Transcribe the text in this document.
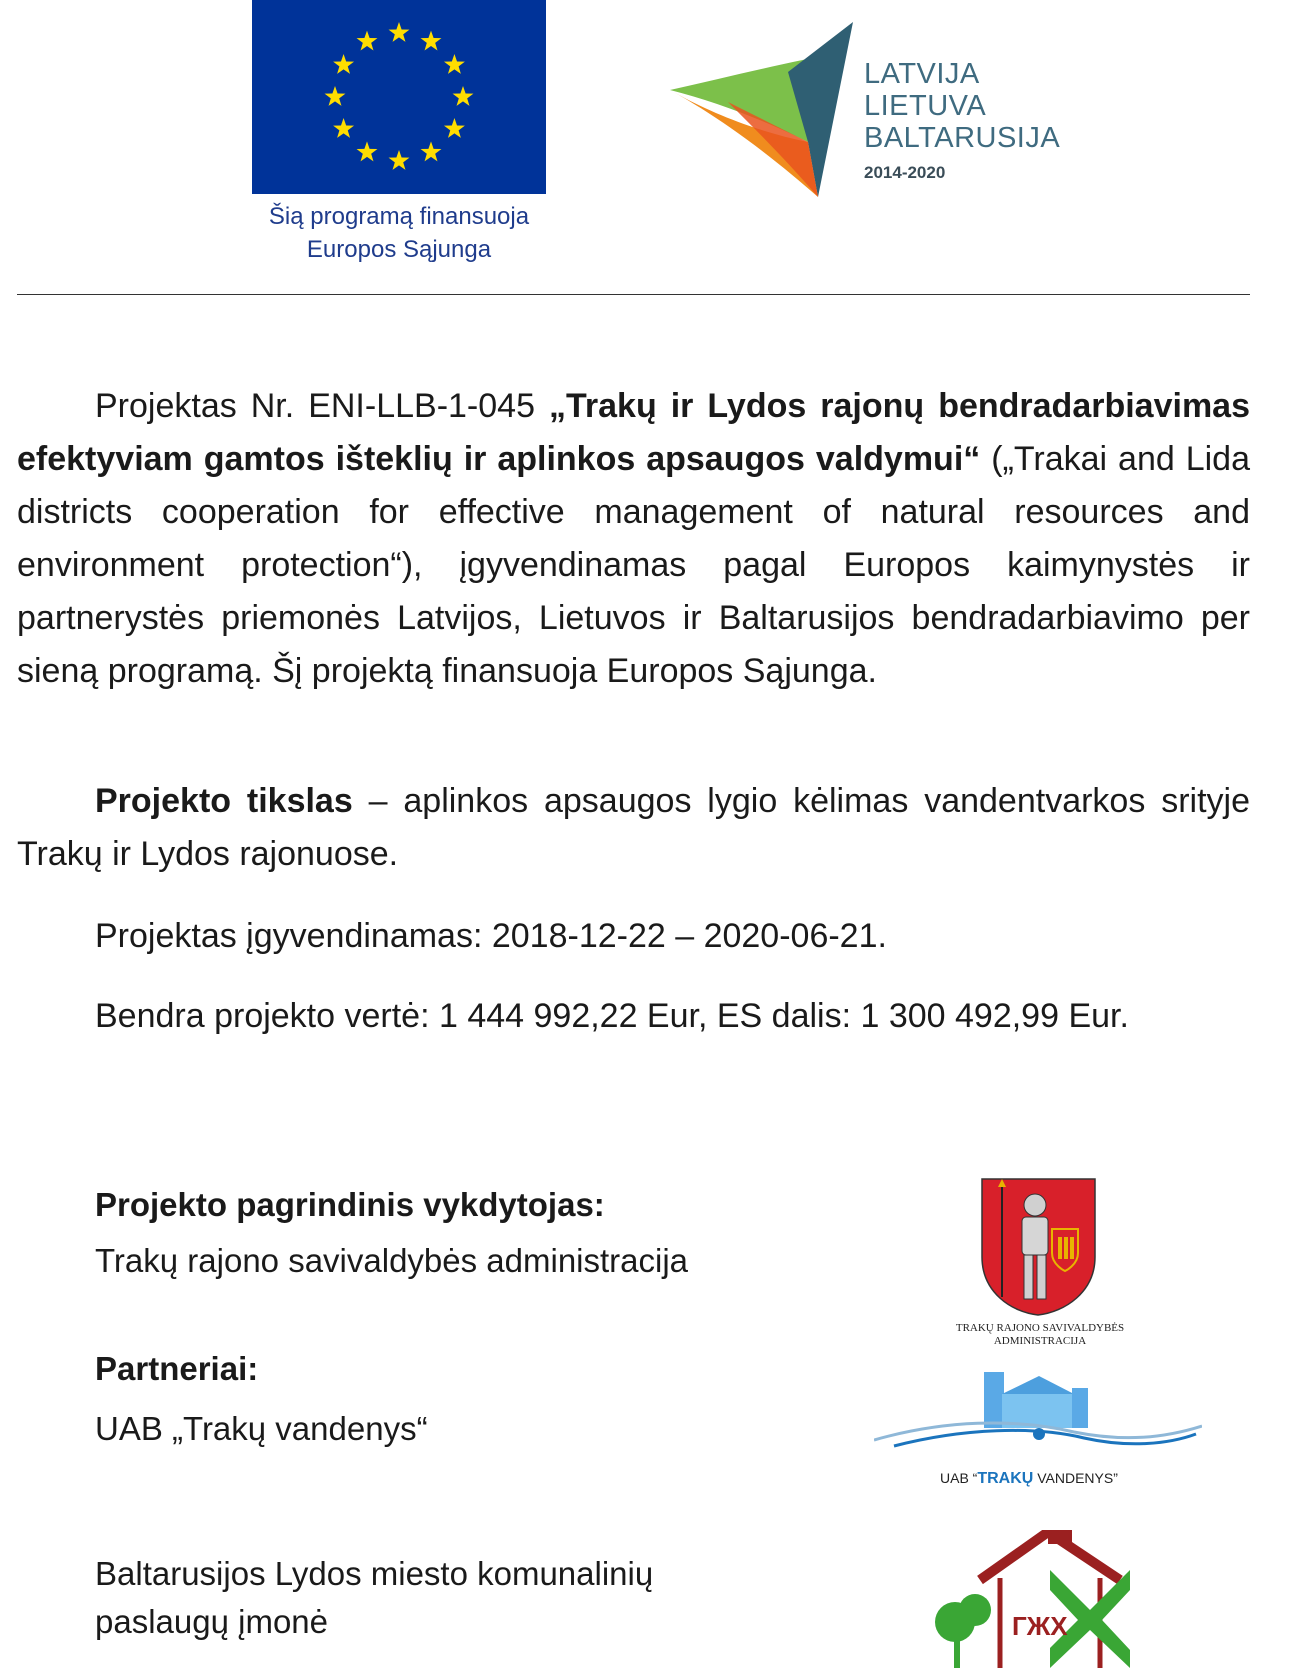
Šią programą finansuoja
Europos Sąjunga
LATVIJA
LIETUVA
BALTARUSIJA
2014-2020
Projektas Nr. ENI-LLB-1-045 „Trakų ir Lydos rajonų bendradarbiavimas efektyviam gamtos išteklių ir aplinkos apsaugos valdymui“ („Trakai and Lida districts cooperation for effective management of natural resources and environment protection“), įgyvendinamas pagal Europos kaimynystės ir partnerystės priemonės Latvijos, Lietuvos ir Baltarusijos bendradarbiavimo per sieną programą. Šį projektą finansuoja Europos Sąjunga.
Projekto tikslas – aplinkos apsaugos lygio kėlimas vandentvarkos srityje Trakų ir Lydos rajonuose.
Projektas įgyvendinamas: 2018-12-22 – 2020-06-21.
Bendra projekto vertė: 1 444 992,22 Eur, ES dalis: 1 300 492,99 Eur.
Projekto pagrindinis vykdytojas:
Trakų rajono savivaldybės administracija
Partneriai:
UAB „Trakų vandenys“
Baltarusijos Lydos miesto komunalinių paslaugų įmonė
TRAKŲ RAJONO SAVIVALDYBĖS
ADMINISTRACIJA
UAB “TRAKŲ VANDENYS”
ГЖХ
